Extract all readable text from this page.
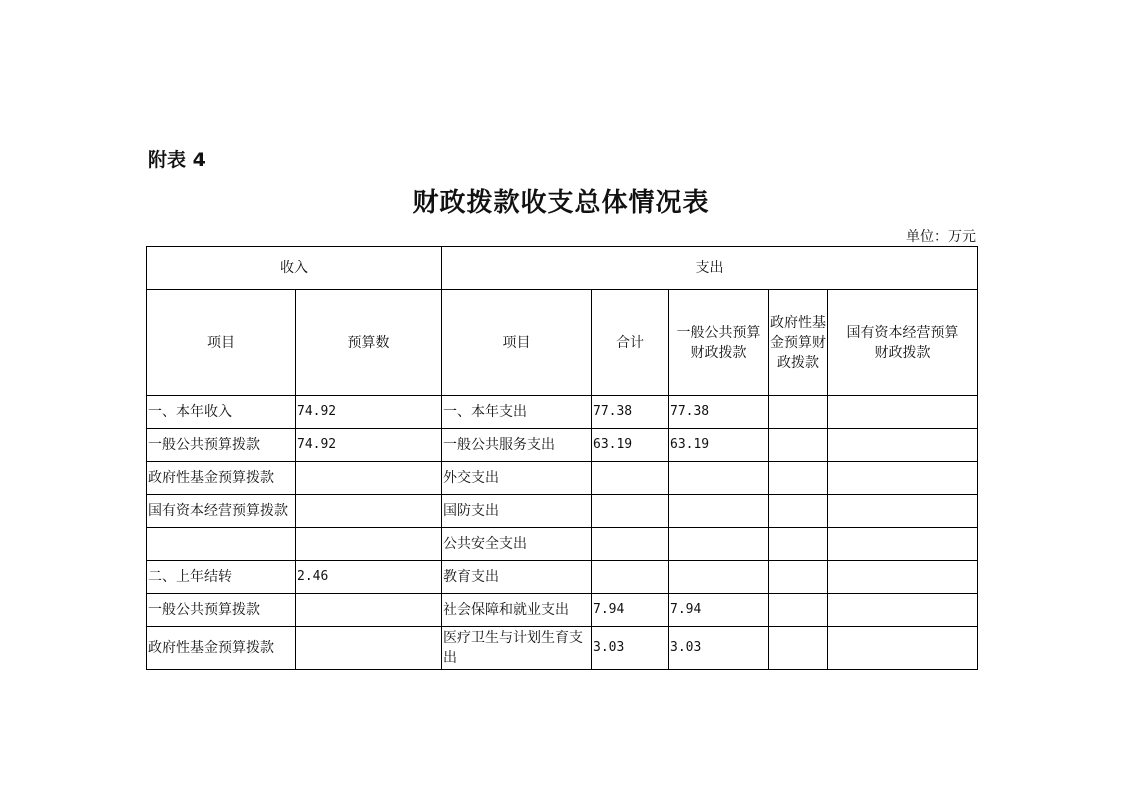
附表 4
财政拨款收支总体情况表
单位：万元
收入		支出				
项目	预算数	项目	合计	一般公共预算财政拨款	政府性基金预算财政拨款	国有资本经营预算财政拨款
一、本年收入	74.92	一、本年支出	77.38	77.38		
一般公共预算拨款	74.92	一般公共服务支出	63.19	63.19		
政府性基金预算拨款		外交支出				
国有资本经营预算拨款		国防支出				
		公共安全支出				
二、上年结转	2.46	教育支出				
一般公共预算拨款		社会保障和就业支出	7.94	7.94		
政府性基金预算拨款		医疗卫生与计划生育支出	3.03	3.03		
